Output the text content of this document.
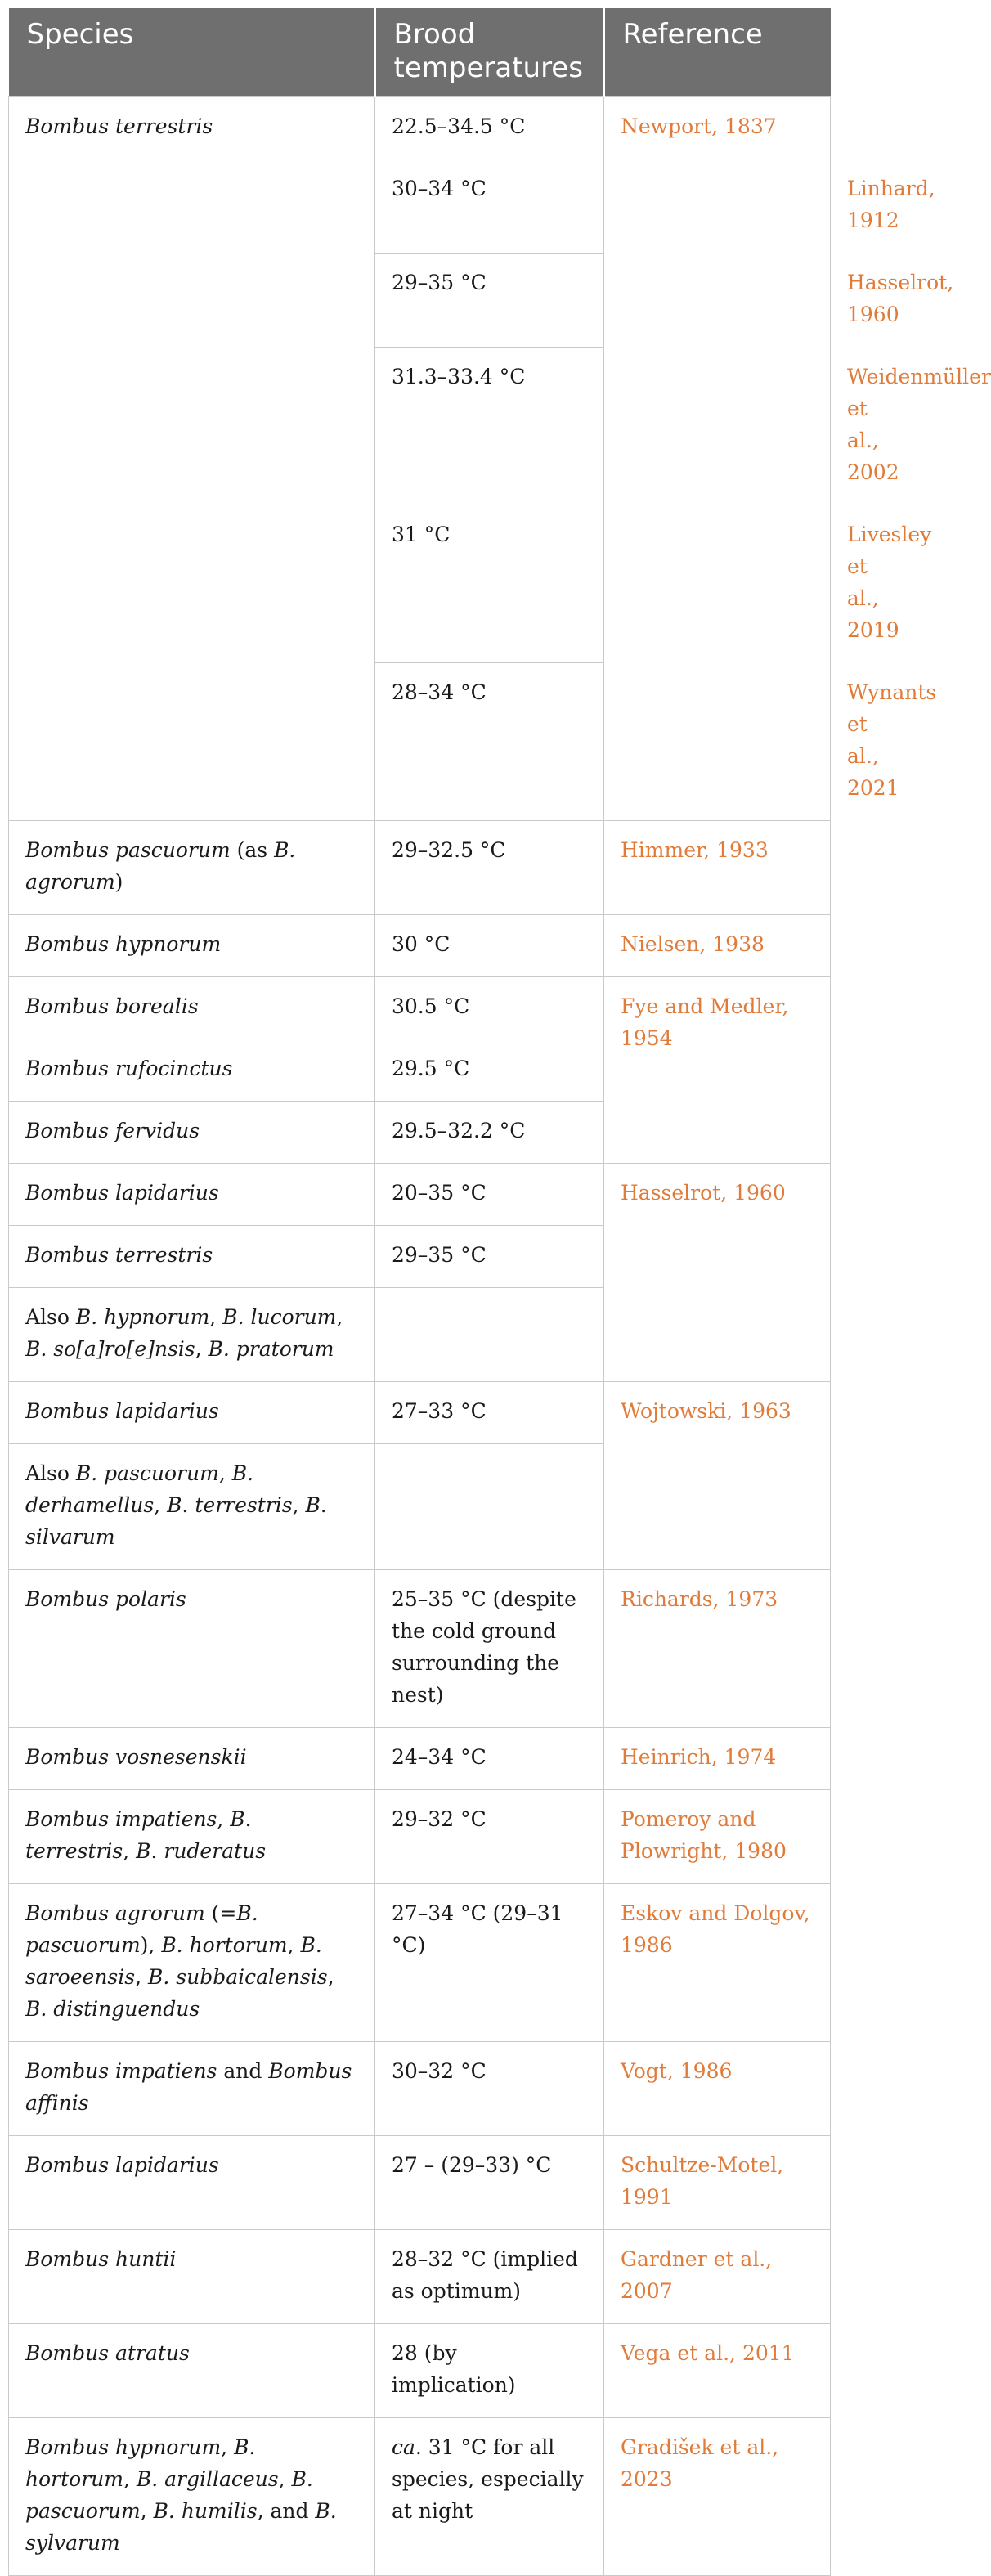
Species	Brood temperatures	Reference	
Bombus terrestris	22.5–34.5 °C	Newport, 1837	
	30–34 °C		Linhard, 1912
	29–35 °C		Hasselrot, 1960
	31.3–33.4 °C		Weidenmüller et al., 2002
	31 °C		Livesley et al., 2019
	28–34 °C		Wynants et al., 2021
Bombus pascuorum (as B. agrorum)	29–32.5 °C	Himmer, 1933	
Bombus hypnorum	30 °C	Nielsen, 1938	
Bombus borealis	30.5 °C	Fye and Medler, 1954	
Bombus rufocinctus	29.5 °C		
Bombus fervidus	29.5–32.2 °C		
Bombus lapidarius	20–35 °C	Hasselrot, 1960	
Bombus terrestris	29–35 °C		
Also B. hypnorum, B. lucorum, B. so[a]ro[e]nsis, B. pratorum			
Bombus lapidarius	27–33 °C	Wojtowski, 1963	
Also B. pascuorum, B. derhamellus, B. terrestris, B. silvarum			
Bombus polaris	25–35 °C (despite the cold ground surrounding the nest)	Richards, 1973	
Bombus vosnesenskii	24–34 °C	Heinrich, 1974	
Bombus impatiens, B. terrestris, B. ruderatus	29–32 °C	Pomeroy and Plowright, 1980	
Bombus agrorum (=B. pascuorum), B. hortorum, B. saroeensis, B. subbaicalensis, B. distinguendus	27–34 °C (29–31 °C)	Eskov and Dolgov, 1986	
Bombus impatiens and Bombus affinis	30–32 °C	Vogt, 1986	
Bombus lapidarius	27 – (29–33) °C	Schultze-Motel, 1991	
Bombus huntii	28–32 °C (implied as optimum)	Gardner et al., 2007	
Bombus atratus	28 (by implication)	Vega et al., 2011	
Bombus hypnorum, B. hortorum, B. argillaceus, B. pascuorum, B. humilis, and B. sylvarum	ca. 31 °C for all species, especially at night	Gradišek et al., 2023	
